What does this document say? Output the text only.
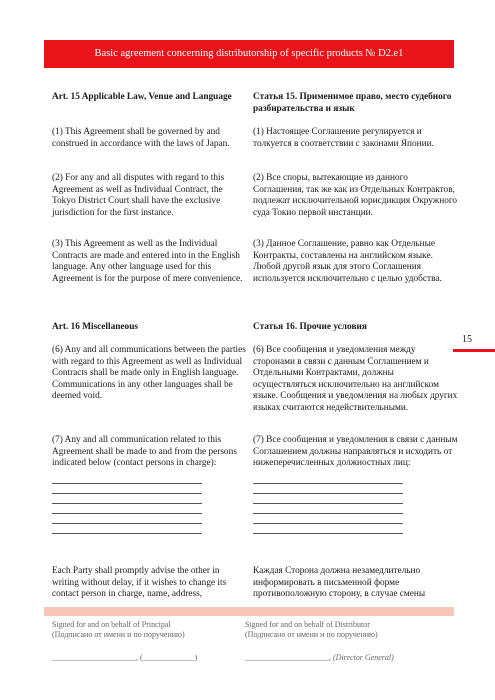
Basic agreement concerning distributorship of specific products № D2.e1
15
Art. 15 Applicable Law, Venue and Language
(1) This Agreement shall be governed by and construed in accordance with the laws of Japan.
(2) For any and all disputes with regard to this Agreement as well as Individual Contract, the Tokyo District Court shall have the exclusive jurisdiction for the first instance.
(3) This Agreement as well as the Individual Contracts are made and entered into in the English language. Any other language used for this Agreement is for the purpose of mere convenience.
Art. 16 Miscellaneous
(6) Any and all communications between the parties with regard to this Agreement as well as Individual Contracts shall be made only in English language. Communications in any other languages shall be deemed void.
(7) Any and all communication related to this Agreement shall be made to and from the persons indicated below (contact persons in charge):
Each Party shall promptly advise the other in writing without delay, if it wishes to change its contact person in charge, name, address,
Статья 15. Применимое право, место судебного разбирательства и язык
(1) Настоящее Соглашение регулируется и толкуется в соответствии с законами Японии.
(2) Все споры, вытекающие из данного Соглашения, так же как из Отдельных Контрактов, подлежат исключительной юрисдикция Окружного суда Токио первой инстанции.
(3) Данное Соглашение, равно как Отдельные Контракты, составлены на английском языке. Любой другой язык для этого Соглашения используется исключительно с целью удобства.
Статья 16. Прочие условия
(6) Все сообщения и уведомления между сторонами в связи с данным Соглашением и Отдельными Контрактами, должны осуществляться исключительно на английском языке. Сообщения и уведомления на любых других языках считаются недействительными.
(7) Все сообщения и уведомления в связи с данным Соглашением должны направляться и исходить от нижеперечисленных должностных лиц:
Каждая Сторона должна незамедлительно информировать в письменной форме противоположную сторону, в случае смены
Signed for and on behalf of Principal
(Подписано от имени и по поручению)
Signed for and on behalf of Distributor
(Подписано от имени и по поручению)
_____________________, (_____________)	_____________________, (Director General)
